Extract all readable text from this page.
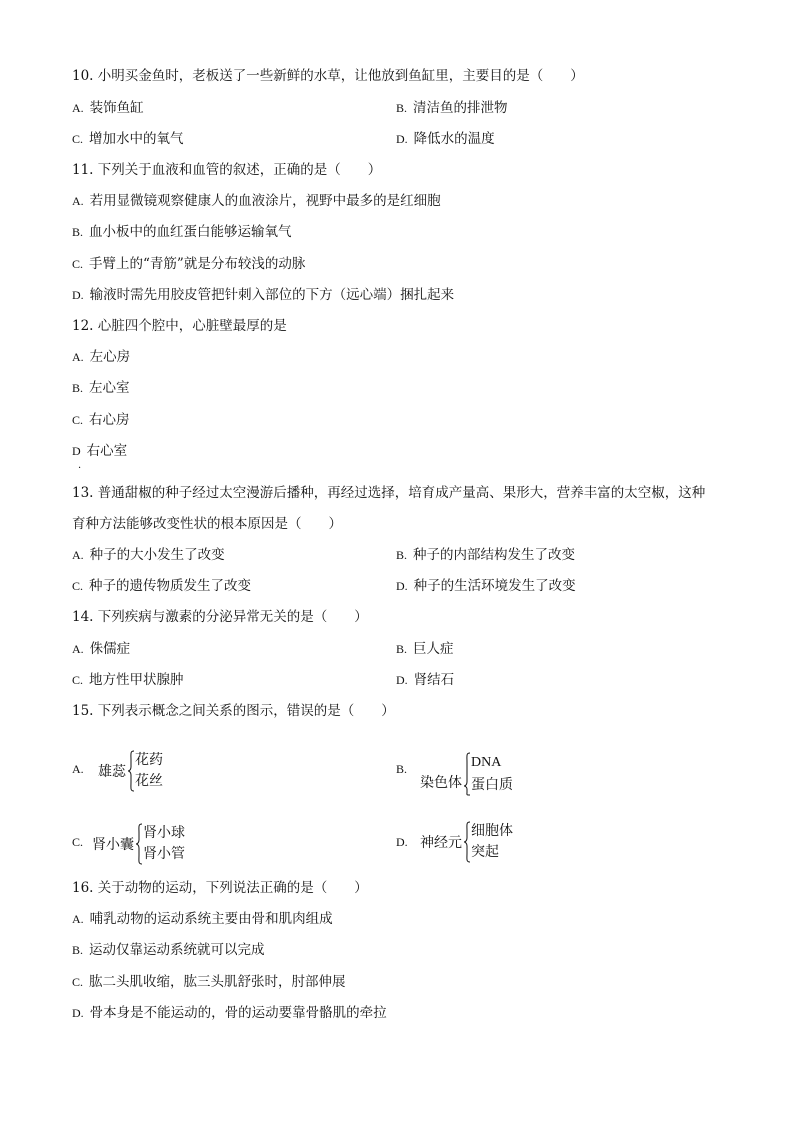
10. 小明买金鱼时，老板送了一些新鲜的水草，让他放到鱼缸里，主要目的是（　　）
A. 装饰鱼缸	B. 清洁鱼的排泄物
C. 增加水中的氧气	D. 降低水的温度
11. 下列关于血液和血管的叙述，正确的是（　　）
A. 若用显微镜观察健康人的血液涂片，视野中最多的是红细胞
B. 血小板中的血红蛋白能够运输氧气
C. 手臂上的“青筋”就是分布较浅的动脉
D. 输液时需先用胶皮管把针刺入部位的下方（远心端）捆扎起来
12. 心脏四个腔中，心脏壁最厚的是
A. 左心房
B. 左心室
C. 右心房
D 右心室
·
13. 普通甜椒的种子经过太空漫游后播种，再经过选择，培育成产量高、果形大，营养丰富的太空椒，这种
育种方法能够改变性状的根本原因是（　　）
A. 种子的大小发生了改变	B. 种子的内部结构发生了改变
C. 种子的遗传物质发生了改变	D. 种子的生活环境发生了改变
14. 下列疾病与激素的分泌异常无关的是（　　）
A. 侏儒症	B. 巨人症
C. 地方性甲状腺肿	D. 肾结石
15. 下列表示概念之间关系的图示，错误的是（　　）
A.	雄蕊
花药
花丝
B.
染色体
DNA
蛋白质
C. 肾小囊
肾小球
肾小管
D. 神经元
细胞体
突起
16. 关于动物的运动，下列说法正确的是（　　）
A. 哺乳动物的运动系统主要由骨和肌肉组成
B. 运动仅靠运动系统就可以完成
C. 肱二头肌收缩，肱三头肌舒张时，肘部伸展
D. 骨本身是不能运动的，骨的运动要靠骨骼肌的牵拉
